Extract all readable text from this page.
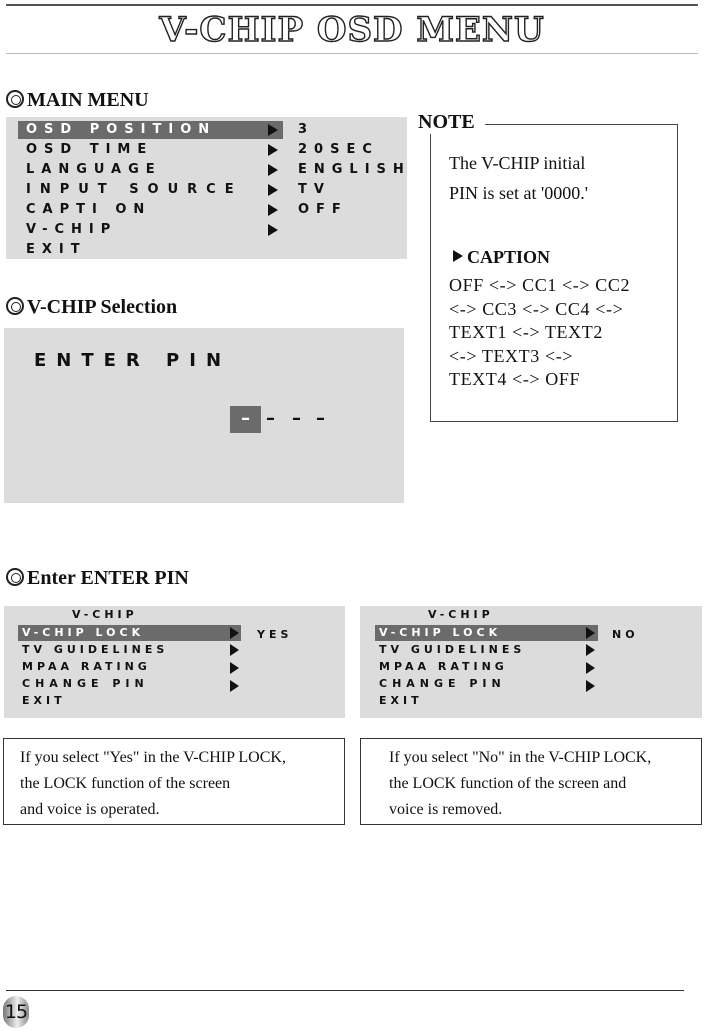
V-CHIP OSD MENU
MAIN MENU
OSD POSITION	3
OSD TIME	20SEC
LANGUAGE	ENGLISH
INPUT SOURCE	TV
CAPTI ON	OFF
V-CHIP
EXIT
NOTE
The V-CHIP initial
PIN is set at '0000.'
CAPTION
OFF <-> CC1 <-> CC2
<-> CC3 <-> CC4 <->
TEXT1 <-> TEXT2
<-> TEXT3 <->
TEXT4 <-> OFF
V-CHIP Selection
ENTER PIN
– – – –
Enter ENTER PIN
V-CHIP
V-CHIP LOCK	YES
TV GUIDELINES
MPAA RATING
CHANGE PIN
EXIT
V-CHIP
V-CHIP LOCK	NO
TV GUIDELINES
MPAA RATING
CHANGE PIN
EXIT
If you select "Yes" in the V-CHIP LOCK,
the LOCK function of the screen
and voice is operated.
If you select "No" in the V-CHIP LOCK,
the LOCK function of the screen and
voice is removed.
15
